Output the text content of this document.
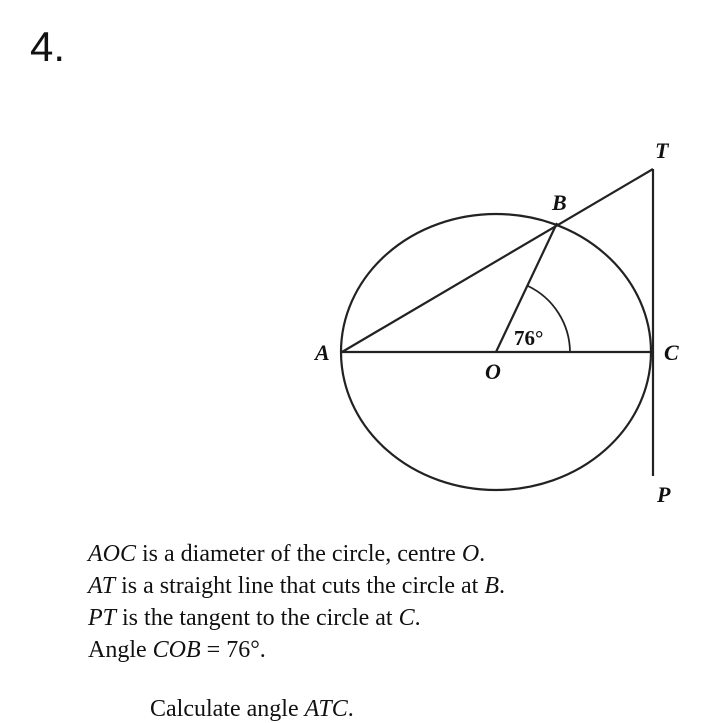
4.
A
B
C
O
T
P
76°
AOC is a diameter of the circle, centre O.
AT is a straight line that cuts the circle at B.
PT is the tangent to the circle at C.
Angle COB = 76°.
Calculate angle ATC.
